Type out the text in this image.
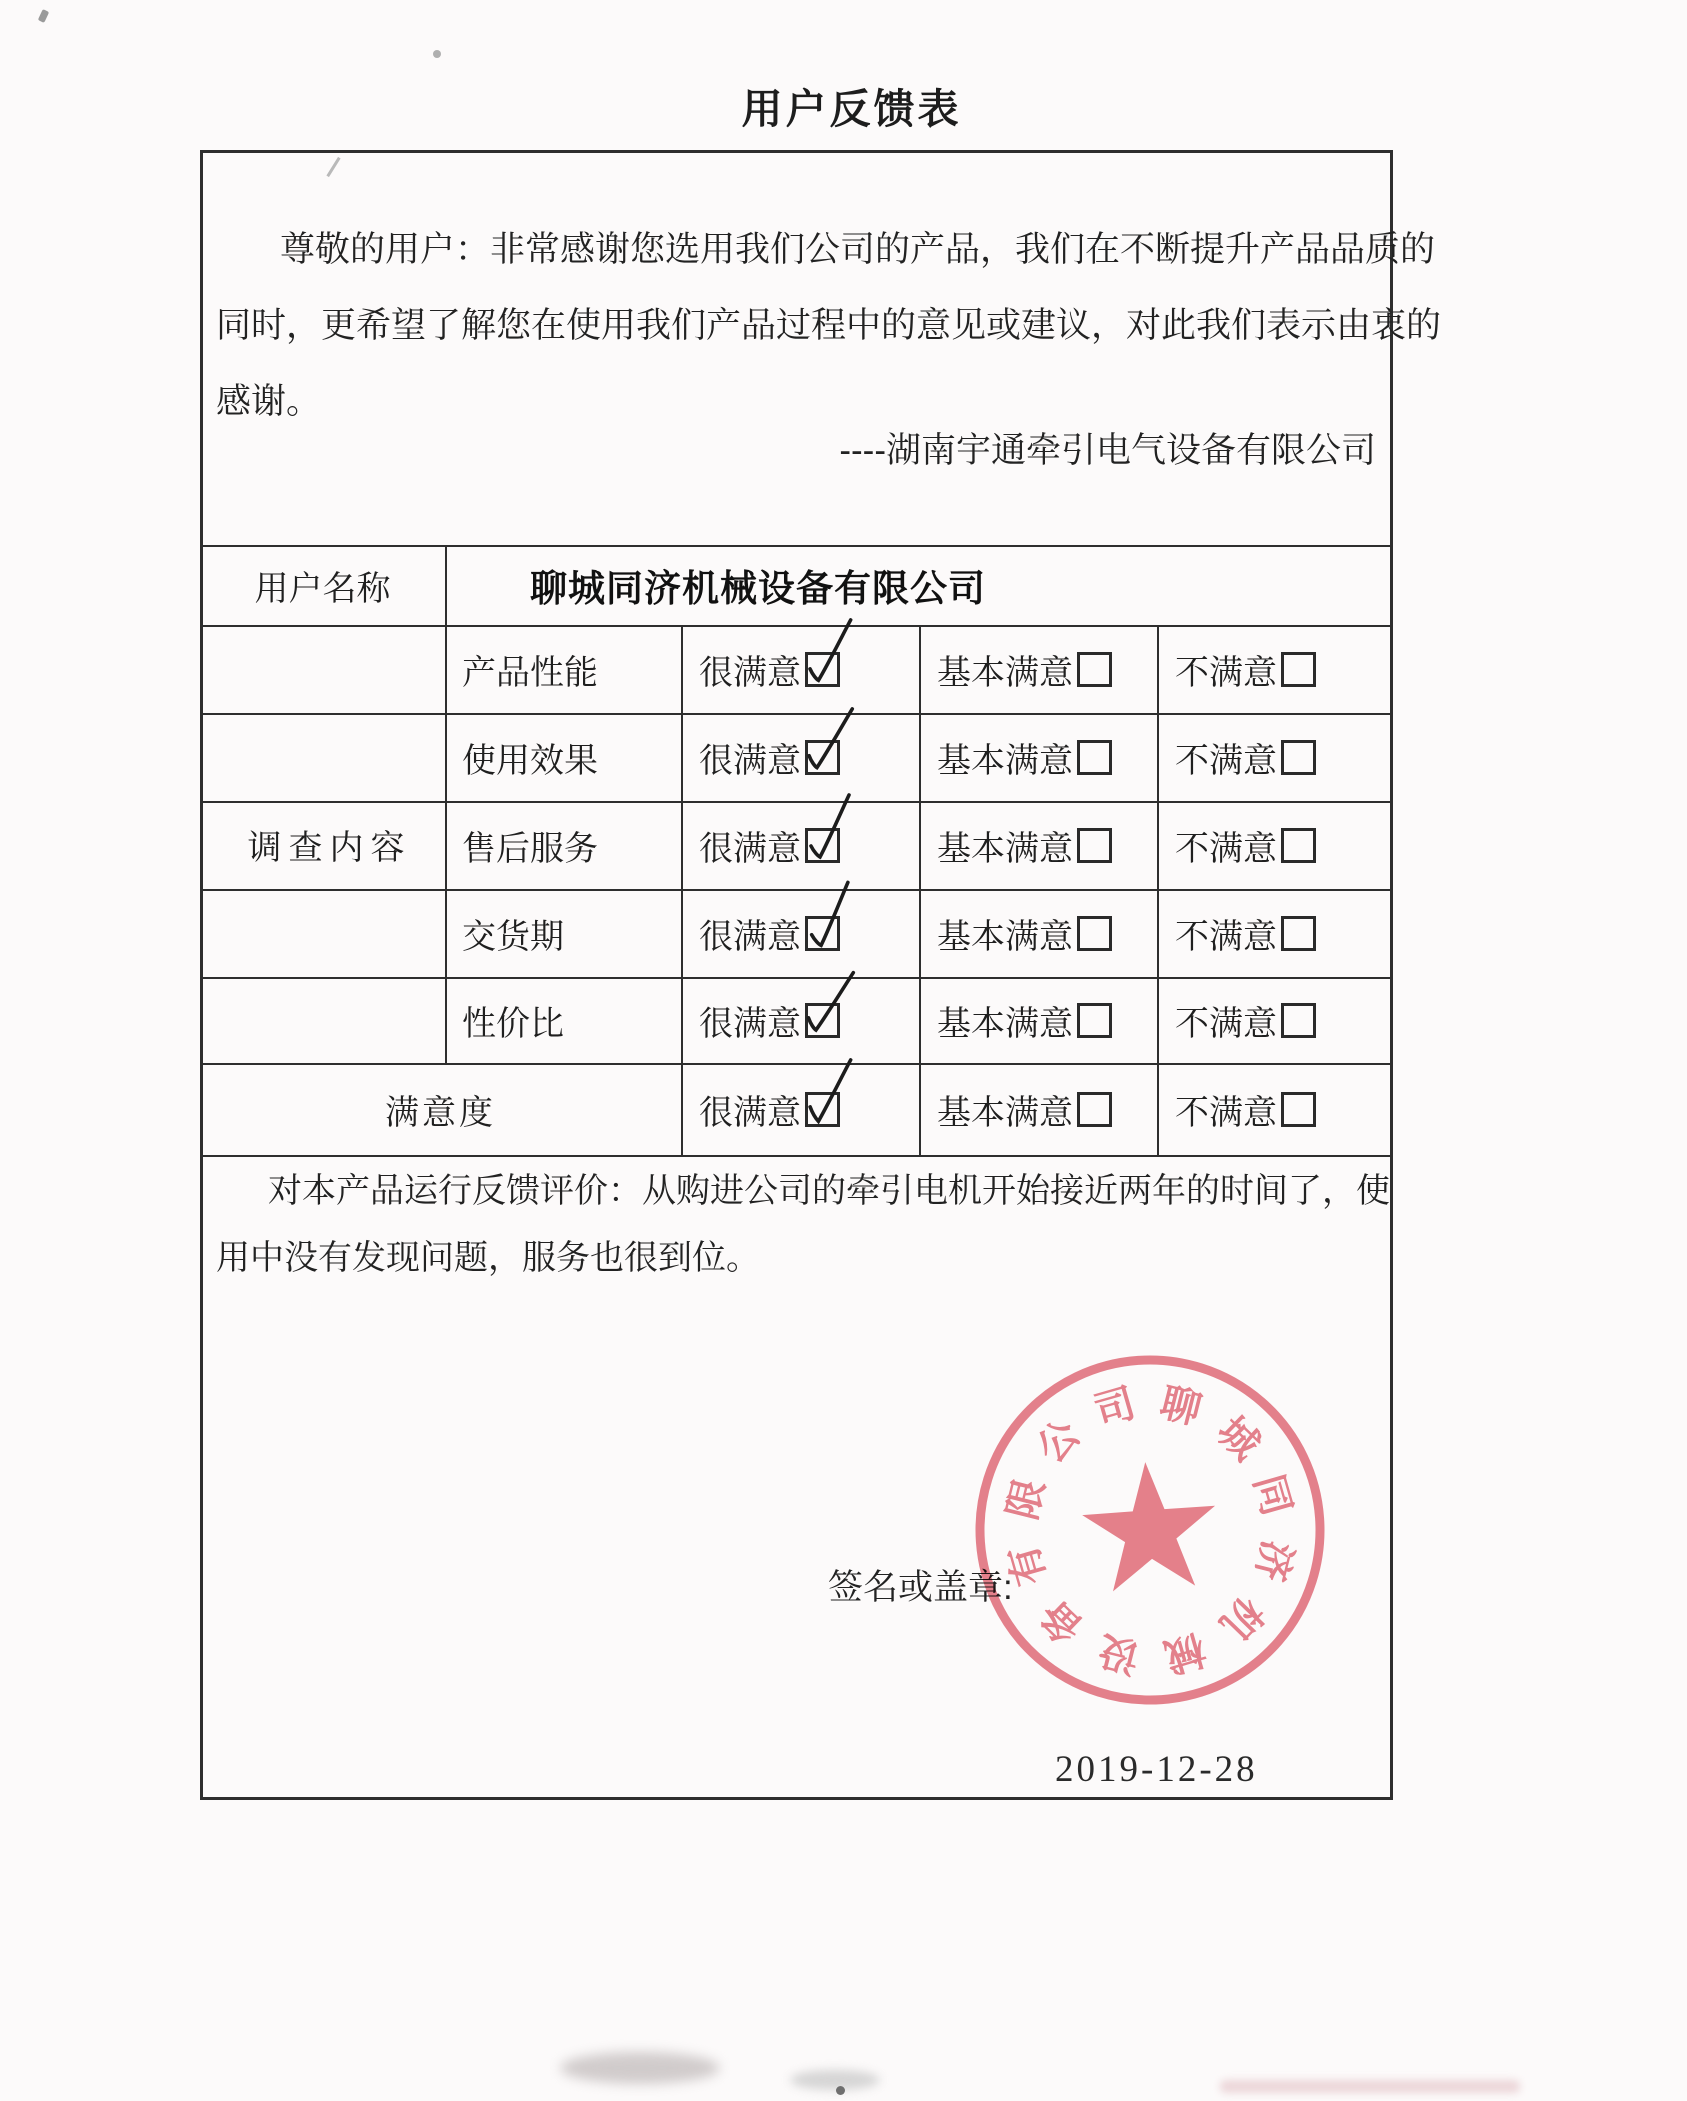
用户反馈表
尊敬的用户：非常感谢您选用我们公司的产品，我们在不断提升产品品质的
同时，更希望了解您在使用我们产品过程中的意见或建议，对此我们表示由衷的
感谢。
----湖南宇通牵引电气设备有限公司
用户名称	聊城同济机械设备有限公司
调查内容
产品性能	很满意	基本满意	不满意
使用效果	很满意	基本满意	不满意
售后服务	很满意	基本满意	不满意
交货期	很满意	基本满意	不满意
性价比	很满意	基本满意	不满意
满意度	很满意	基本满意	不满意
对本产品运行反馈评价：从购进公司的牵引电机开始接近两年的时间了，使
用中没有发现问题，服务也很到位。
签名或盖章:
2019-12-28
聊
城
同
济
机
械
设
备
有
限
公
司
